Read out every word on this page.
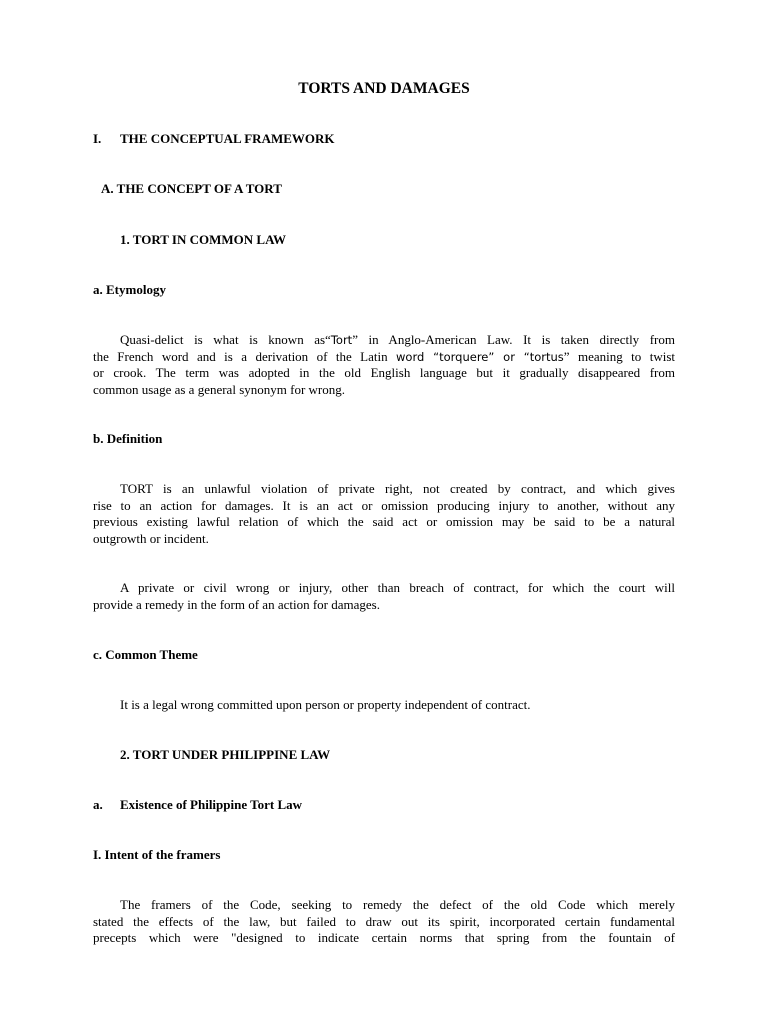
TORTS AND DAMAGES
I. THE CONCEPTUAL FRAMEWORK
A. THE CONCEPT OF A TORT
1. TORT IN COMMON LAW
a. Etymology
Quasi-delict is what is known as“Tort” in Anglo-American Law. It is taken directly from
the French word and is a derivation of the Latin word “torquere” or “tortus” meaning to twist
or crook. The term was adopted in the old English language but it gradually disappeared from
common usage as a general synonym for wrong.
b. Definition
TORT is an unlawful violation of private right, not created by contract, and which gives
rise to an action for damages. It is an act or omission producing injury to another, without any
previous existing lawful relation of which the said act or omission may be said to be a natural
outgrowth or incident.
A private or civil wrong or injury, other than breach of contract, for which the court will
provide a remedy in the form of an action for damages.
c. Common Theme
It is a legal wrong committed upon person or property independent of contract.
2. TORT UNDER PHILIPPINE LAW
a. Existence of Philippine Tort Law
I. Intent of the framers
The framers of the Code, seeking to remedy the defect of the old Code which merely
stated the effects of the law, but failed to draw out its spirit, incorporated certain fundamental
precepts which were "designed to indicate certain norms that spring from the fountain of
